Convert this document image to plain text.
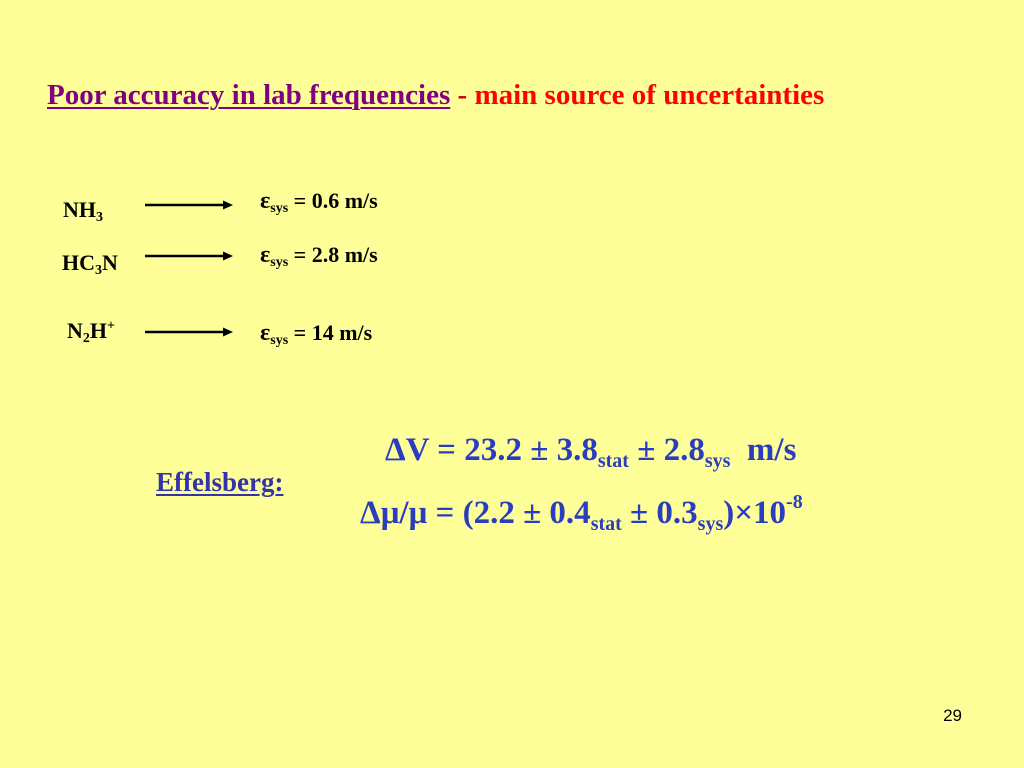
Poor accuracy in lab frequencies - main source of uncertainties
$NH_3$
$\varepsilon_{sys} = 0.6$ m/s
$HC_3N$	$\varepsilon_{sys} = 2.8$ m/s
$N_2H^+$	$\varepsilon_{sys} = 14$ m/s
Effelsberg:
$\Delta V = 23.2 \pm 3.8_{stat} \pm 2.8_{sys}$  m/s
$\Delta\mu/\mu = (2.2 \pm 0.4_{stat} \pm 0.3_{sys})\times 10^{-8}$
29
